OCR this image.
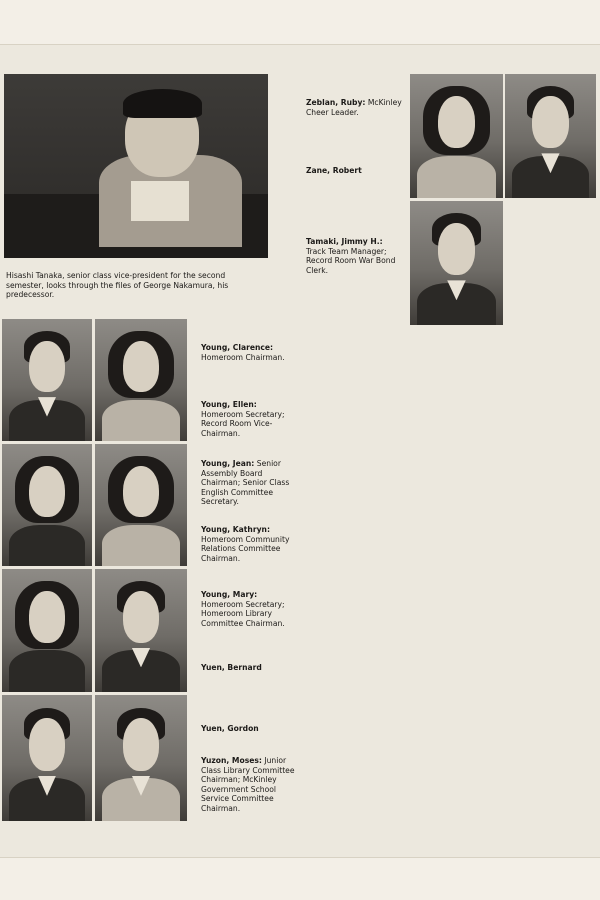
Hisashi Tanaka, senior class vice-president for the second semester, looks through the files of George Nakamura, his predecessor.
Zeblan, Ruby: McKinley Cheer Leader.
Zane, Robert
Tamaki, Jimmy H.: Track Team Manager; Record Room War Bond Clerk.
Young, Clarence: Homeroom Chairman.
Young, Ellen: Homeroom Secretary; Record Room Vice-Chairman.
Young, Jean: Senior Assembly Board Chairman; Senior Class English Committee Secretary.
Young, Kathryn: Homeroom Community Relations Committee Chairman.
Young, Mary: Homeroom Secretary; Homeroom Library Committee Chairman.
Yuen, Bernard
Yuen, Gordon
Yuzon, Moses: Junior Class Library Committee Chairman; McKinley Government School Service Committee Chairman.
